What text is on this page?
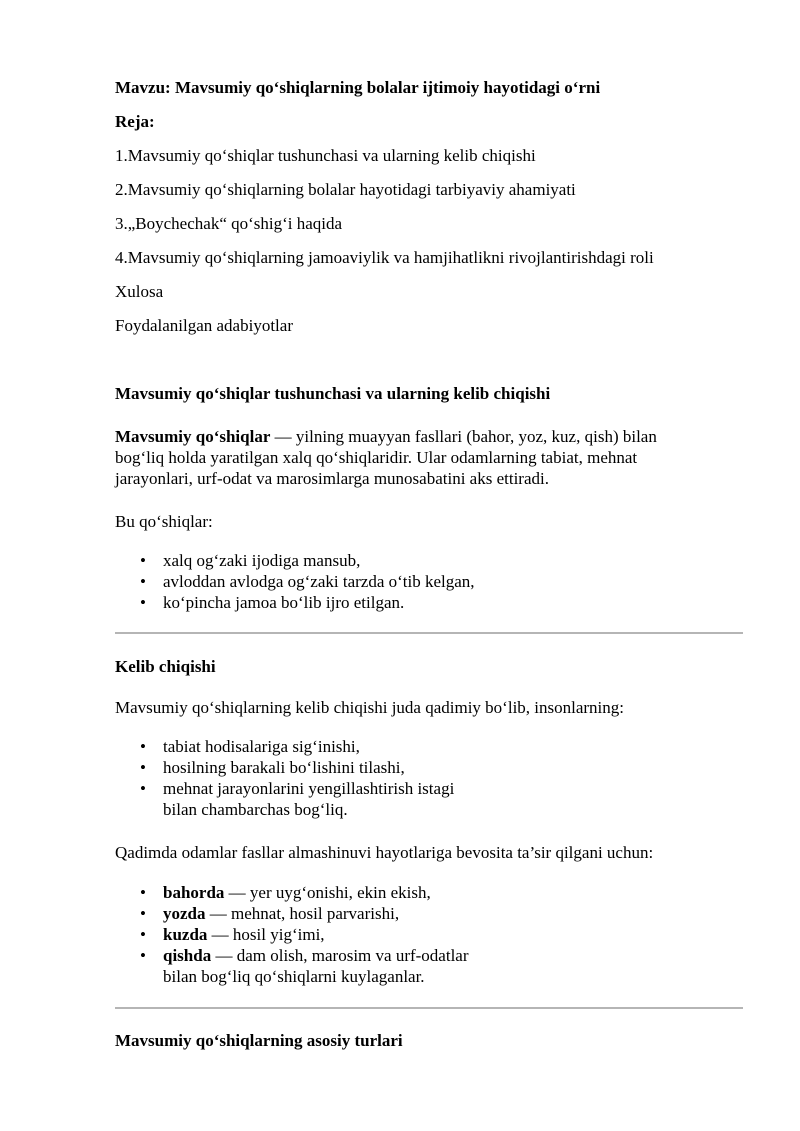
Mavzu: Mavsumiy qo‘shiqlarning bolalar ijtimoiy hayotidagi o‘rni
Reja:
1.Mavsumiy qo‘shiqlar tushunchasi va ularning kelib chiqishi
2.Mavsumiy qo‘shiqlarning bolalar hayotidagi tarbiyaviy ahamiyati
3.„Boychechak“ qo‘shig‘i haqida
4.Mavsumiy qo‘shiqlarning jamoaviylik va hamjihatlikni rivojlantirishdagi roli
Xulosa
Foydalanilgan adabiyotlar
Mavsumiy qo‘shiqlar tushunchasi va ularning kelib chiqishi
Mavsumiy qo‘shiqlar — yilning muayyan fasllari (bahor, yoz, kuz, qish) bilan
bog‘liq holda yaratilgan xalq qo‘shiqlaridir. Ular odamlarning tabiat, mehnat
jarayonlari, urf-odat va marosimlarga munosabatini aks ettiradi.
Bu qo‘shiqlar:
• xalq og‘zaki ijodiga mansub,
• avloddan avlodga og‘zaki tarzda o‘tib kelgan,
• ko‘pincha jamoa bo‘lib ijro etilgan.
Kelib chiqishi
Mavsumiy qo‘shiqlarning kelib chiqishi juda qadimiy bo‘lib, insonlarning:
• tabiat hodisalariga sig‘inishi,
• hosilning barakali bo‘lishini tilashi,
• mehnat jarayonlarini yengillashtirish istagi
bilan chambarchas bog‘liq.
Qadimda odamlar fasllar almashinuvi hayotlariga bevosita ta’sir qilgani uchun:
• bahorda — yer uyg‘onishi, ekin ekish,
• yozda — mehnat, hosil parvarishi,
• kuzda — hosil yig‘imi,
• qishda — dam olish, marosim va urf-odatlar
bilan bog‘liq qo‘shiqlarni kuylaganlar.
Mavsumiy qo‘shiqlarning asosiy turlari
